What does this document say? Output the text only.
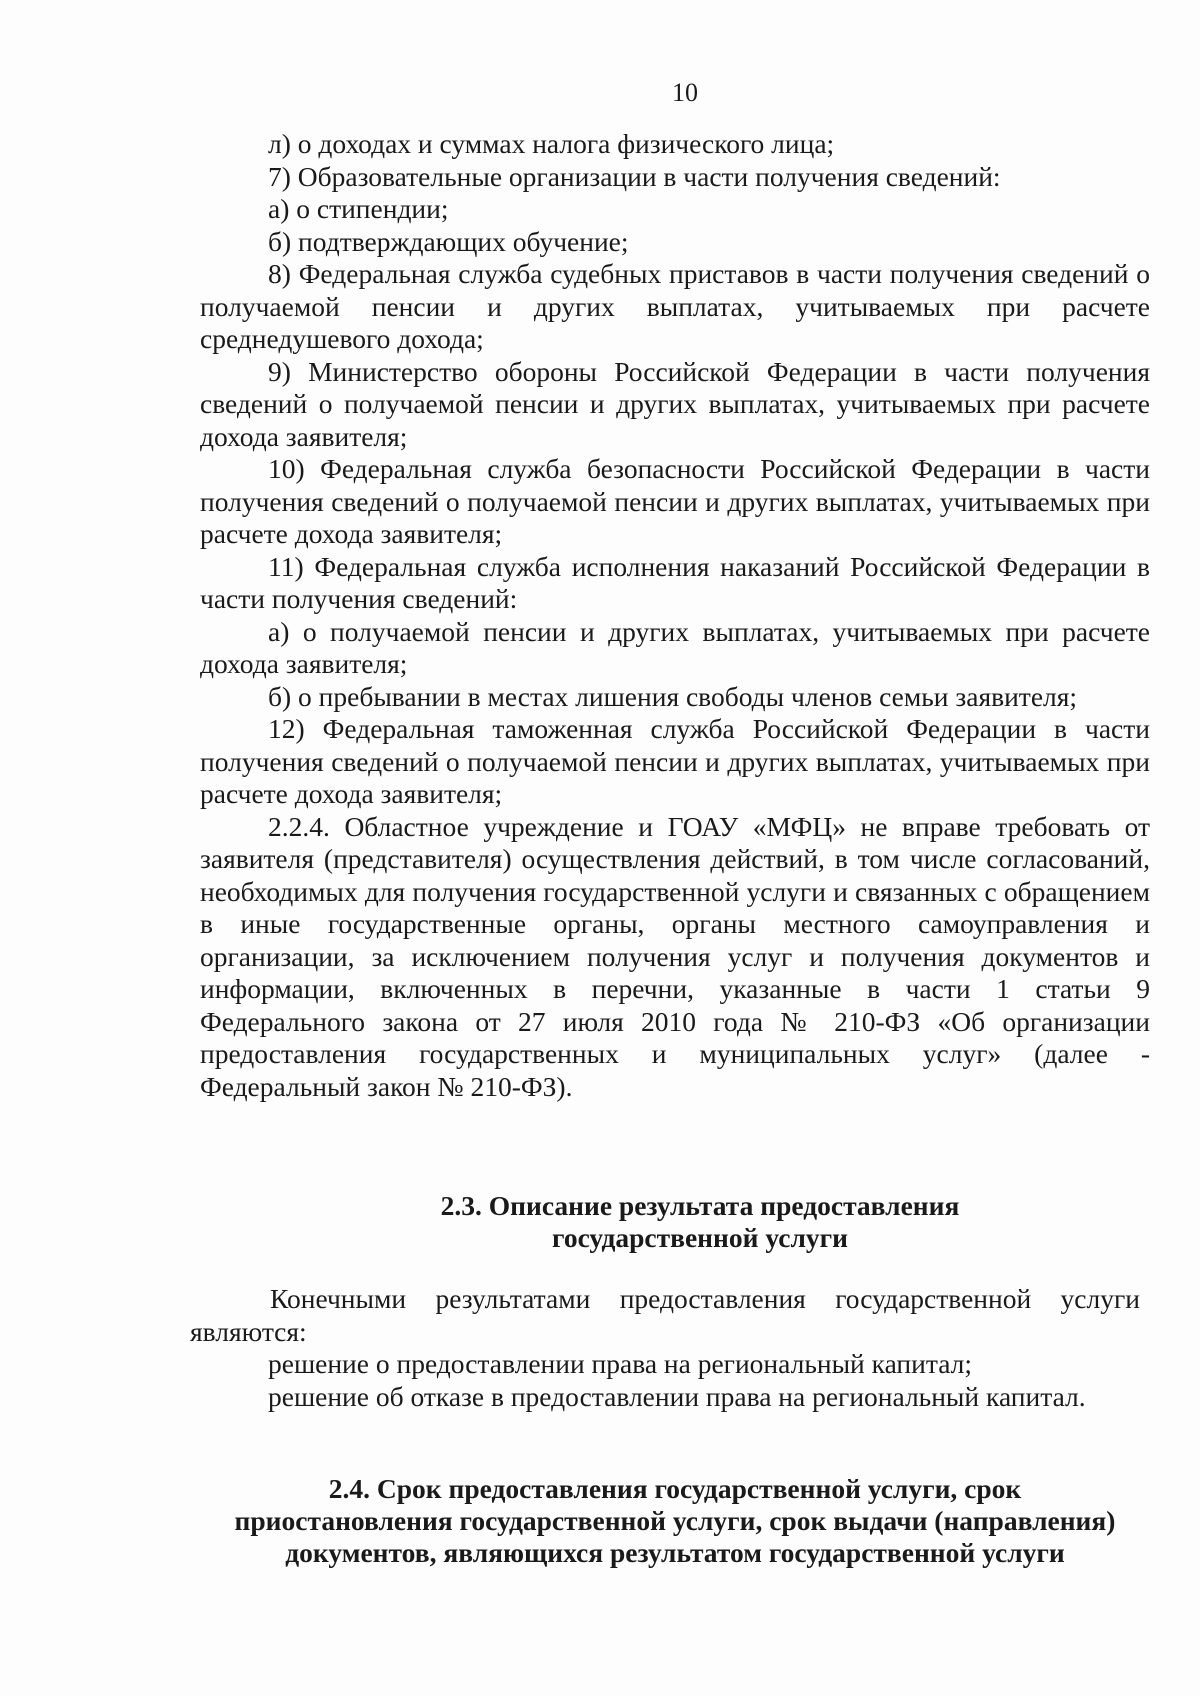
10

л) о доходах и суммах налога физического лица;

7) Образовательные организации в части получения сведений:

а) о стипендии;

б) подтверждающих обучение;

8) Федеральная служба судебных приставов в части получения сведений о получаемой пенсии и других выплатах, учитываемых при расчете среднедушевого дохода;

9) Министерство обороны Российской Федерации в части получения сведений о получаемой пенсии и других выплатах, учитываемых при расчете дохода заявителя;

10) Федеральная служба безопасности Российской Федерации в части получения сведений о получаемой пенсии и других выплатах, учитываемых при расчете дохода заявителя;

11) Федеральная служба исполнения наказаний Российской Федерации в части получения сведений:

а) о получаемой пенсии и других выплатах, учитываемых при расчете дохода заявителя;

б) о пребывании в местах лишения свободы членов семьи заявителя;

12) Федеральная таможенная служба Российской Федерации в части получения сведений о получаемой пенсии и других выплатах, учитываемых при расчете дохода заявителя;

2.2.4. Областное учреждение и ГОАУ «МФЦ» не вправе требовать от заявителя (представителя) осуществления действий, в том числе согласований, необходимых для получения государственной услуги и связанных с обращением в иные государственные органы, органы местного самоуправления и организации, за исключением получения услуг и получения документов и информации, включенных в перечни, указанные в части 1 статьи 9 Федерального закона от 27 июля 2010 года № 210-ФЗ «Об организации предоставления государственных и муниципальных услуг» (далее - Федеральный закон № 210-ФЗ).

2.3. Описание результата предоставления

государственной услуги

Конечными результатами предоставления государственной услуги являются:

решение о предоставлении права на региональный капитал;

решение об отказе в предоставлении права на региональный капитал.

2.4. Срок предоставления государственной услуги, срок

приостановления государственной услуги, срок выдачи (направления)

документов, являющихся результатом государственной услуги
